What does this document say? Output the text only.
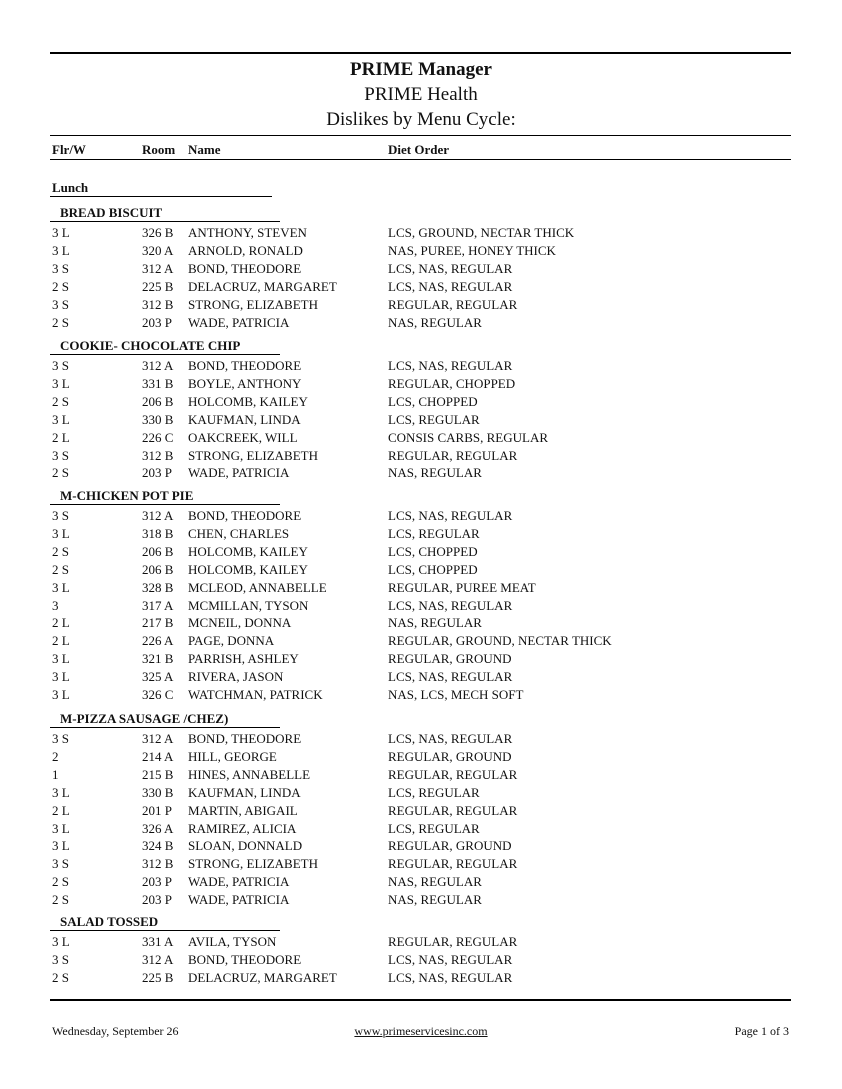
PRIME Manager
PRIME Health
Dislikes by Menu Cycle:
Flr/W	Room Name	Diet Order
Lunch
BREAD BISCUIT
3 L	326 B ANTHONY, STEVEN	LCS, GROUND, NECTAR THICK
3 L	320 A ARNOLD, RONALD	NAS, PUREE, HONEY THICK
3 S	312 A BOND, THEODORE	LCS, NAS, REGULAR
2 S	225 B DELACRUZ, MARGARET	LCS, NAS, REGULAR
3 S	312 B STRONG, ELIZABETH	REGULAR, REGULAR
2 S	203 P WADE, PATRICIA	NAS, REGULAR
COOKIE- CHOCOLATE CHIP
3 S	312 A BOND, THEODORE	LCS, NAS, REGULAR
3 L	331 B BOYLE, ANTHONY	REGULAR, CHOPPED
2 S	206 B HOLCOMB, KAILEY	LCS, CHOPPED
3 L	330 B KAUFMAN, LINDA	LCS, REGULAR
2 L	226 C OAKCREEK, WILL	CONSIS CARBS, REGULAR
3 S	312 B STRONG, ELIZABETH	REGULAR, REGULAR
2 S	203 P WADE, PATRICIA	NAS, REGULAR
M-CHICKEN POT PIE
3 S	312 A BOND, THEODORE	LCS, NAS, REGULAR
3 L	318 B CHEN, CHARLES	LCS, REGULAR
2 S	206 B HOLCOMB, KAILEY	LCS, CHOPPED
2 S	206 B HOLCOMB, KAILEY	LCS, CHOPPED
3 L	328 B MCLEOD, ANNABELLE	REGULAR, PUREE MEAT
3	317 A MCMILLAN, TYSON	LCS, NAS, REGULAR
2 L	217 B MCNEIL, DONNA	NAS, REGULAR
2 L	226 A PAGE, DONNA	REGULAR, GROUND, NECTAR THICK
3 L	321 B PARRISH, ASHLEY	REGULAR, GROUND
3 L	325 A RIVERA, JASON	LCS, NAS, REGULAR
3 L	326 C WATCHMAN, PATRICK	NAS, LCS, MECH SOFT
M-PIZZA SAUSAGE /CHEZ)
3 S	312 A BOND, THEODORE	LCS, NAS, REGULAR
2	214 A HILL, GEORGE	REGULAR, GROUND
1	215 B HINES, ANNABELLE	REGULAR, REGULAR
3 L	330 B KAUFMAN, LINDA	LCS, REGULAR
2 L	201 P MARTIN, ABIGAIL	REGULAR, REGULAR
3 L	326 A RAMIREZ, ALICIA	LCS, REGULAR
3 L	324 B SLOAN, DONNALD	REGULAR, GROUND
3 S	312 B STRONG, ELIZABETH	REGULAR, REGULAR
2 S	203 P WADE, PATRICIA	NAS, REGULAR
2 S	203 P WADE, PATRICIA	NAS, REGULAR
SALAD TOSSED
3 L	331 A AVILA, TYSON	REGULAR, REGULAR
3 S	312 A BOND, THEODORE	LCS, NAS, REGULAR
2 S	225 B DELACRUZ, MARGARET	LCS, NAS, REGULAR
Wednesday, September 26	www.primeservicesinc.com	Page 1 of 3
